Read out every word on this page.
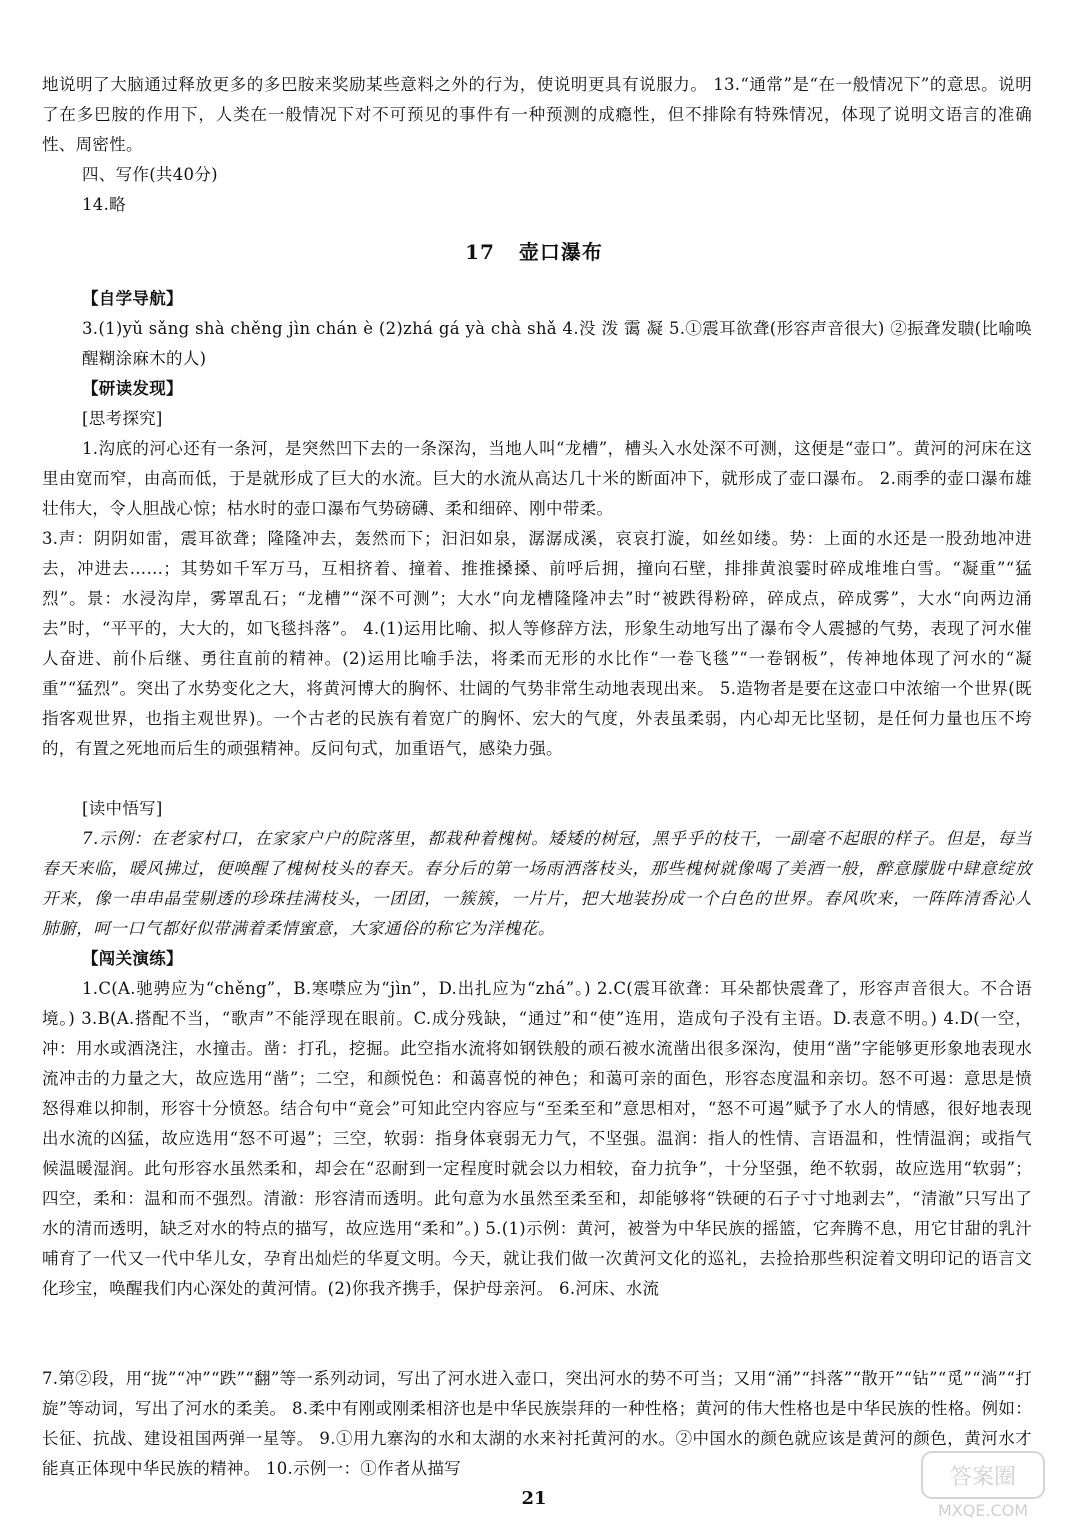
地说明了大脑通过释放更多的多巴胺来奖励某些意料之外的行为，使说明更具有说服力。 13.“通常”是“在一般情况下”的意思。说明了在多巴胺的作用下，人类在一般情况下对不可预见的事件有一种预测的成瘾性，但不排除有特殊情况，体现了说明文语言的准确性、周密性。

四、写作(共40分)

14.略

17 壶口瀑布

【自学导航】

3.(1)yǔ sǎng shà chěng jìn chán è (2)zhá gá yà chà shǎ 4.没 泼 霭 凝 5.①震耳欲聋(形容声音很大) ②振聋发聩(比喻唤醒糊涂麻木的人)

【研读发现】

[思考探究]

1.沟底的河心还有一条河，是突然凹下去的一条深沟，当地人叫“龙槽”，槽头入水处深不可测，这便是“壶口”。黄河的河床在这里由宽而窄，由高而低，于是就形成了巨大的水流。巨大的水流从高达几十米的断面冲下，就形成了壶口瀑布。 2.雨季的壶口瀑布雄壮伟大，令人胆战心惊；枯水时的壶口瀑布气势磅礴、柔和细碎、刚中带柔。

3.声：阴阴如雷，震耳欲聋；隆隆冲去，轰然而下；汩汩如泉，潺潺成溪，哀哀打漩，如丝如缕。势：上面的水还是一股劲地冲进去，冲进去……；其势如千军万马，互相挤着、撞着、推推搡搡、前呼后拥，撞向石壁，排排黄浪霎时碎成堆堆白雪。“凝重”“猛烈”。景：水浸沟岸，雾罩乱石；“龙槽”“深不可测”；大水“向龙槽隆隆冲去”时“被跌得粉碎，碎成点，碎成雾”，大水“向两边涌去”时，“平平的，大大的，如飞毯抖落”。 4.(1)运用比喻、拟人等修辞方法，形象生动地写出了瀑布令人震撼的气势，表现了河水催人奋进、前仆后继、勇往直前的精神。(2)运用比喻手法，将柔而无形的水比作“一卷飞毯”“一卷钢板”，传神地体现了河水的“凝重”“猛烈”。突出了水势变化之大，将黄河博大的胸怀、壮阔的气势非常生动地表现出来。 5.造物者是要在这壶口中浓缩一个世界(既指客观世界，也指主观世界)。一个古老的民族有着宽广的胸怀、宏大的气度，外表虽柔弱，内心却无比坚韧，是任何力量也压不垮的，有置之死地而后生的顽强精神。反问句式，加重语气，感染力强。

[读中悟写]

7.示例：在老家村口，在家家户户的院落里，都栽种着槐树。矮矮的树冠，黑乎乎的枝干，一副毫不起眼的样子。但是，每当春天来临，暖风拂过，便唤醒了槐树枝头的春天。春分后的第一场雨洒落枝头，那些槐树就像喝了美酒一般，醉意朦胧中肆意绽放开来，像一串串晶莹剔透的珍珠挂满枝头，一团团，一簇簇，一片片，把大地装扮成一个白色的世界。春风吹来，一阵阵清香沁人肺腑，呵一口气都好似带满着柔情蜜意，大家通俗的称它为洋槐花。

【闯关演练】

1.C(A.驰骋应为“chěng”，B.寒噤应为“jìn”，D.出扎应为“zhá”。) 2.C(震耳欲聋：耳朵都快震聋了，形容声音很大。不合语境。) 3.B(A.搭配不当，“歌声”不能浮现在眼前。C.成分残缺，“通过”和“使”连用，造成句子没有主语。D.表意不明。) 4.D(一空，冲：用水或酒浇注，水撞击。凿：打孔，挖掘。此空指水流将如钢铁般的顽石被水流凿出很多深沟，使用“凿”字能够更形象地表现水流冲击的力量之大，故应选用“凿”；二空，和颜悦色：和蔼喜悦的神色；和蔼可亲的面色，形容态度温和亲切。怒不可遏：意思是愤怒得难以抑制，形容十分愤怒。结合句中“竟会”可知此空内容应与“至柔至和”意思相对，“怒不可遏”赋予了水人的情感，很好地表现出水流的凶猛，故应选用“怒不可遏”；三空，软弱：指身体衰弱无力气，不坚强。温润：指人的性情、言语温和，性情温润；或指气候温暖湿润。此句形容水虽然柔和，却会在“忍耐到一定程度时就会以力相较，奋力抗争”，十分坚强，绝不软弱，故应选用“软弱”；四空，柔和：温和而不强烈。清澈：形容清而透明。此句意为水虽然至柔至和，却能够将“铁硬的石子寸寸地剥去”，“清澈”只写出了水的清而透明，缺乏对水的特点的描写，故应选用“柔和”。) 5.(1)示例：黄河，被誉为中华民族的摇篮，它奔腾不息，用它甘甜的乳汁哺育了一代又一代中华儿女，孕育出灿烂的华夏文明。今天，就让我们做一次黄河文化的巡礼，去捡拾那些积淀着文明印记的语言文化珍宝，唤醒我们内心深处的黄河情。(2)你我齐携手，保护母亲河。 6.河床、水流

7.第②段，用“拢”“冲”“跌”“翻”等一系列动词，写出了河水进入壶口，突出河水的势不可当；又用“涌”“抖落”“散开”“钻”“觅”“淌”“打旋”等动词，写出了河水的柔美。 8.柔中有刚或刚柔相济也是中华民族崇拜的一种性格；黄河的伟大性格也是中华民族的性格。例如：长征、抗战、建设祖国两弹一星等。 9.①用九寨沟的水和太湖的水来衬托黄河的水。②中国水的颜色就应该是黄河的颜色，黄河水才能真正体现中华民族的精神。 10.示例一：①作者从描写

21
答案圈
MXQE.COM
